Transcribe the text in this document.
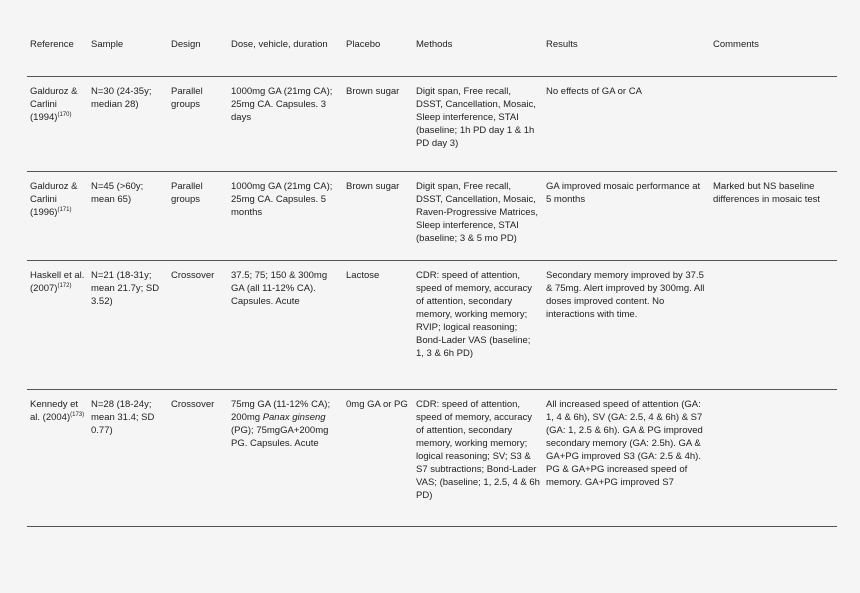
Reference	Sample	Design	Dose, vehicle, duration	Placebo	Methods	Results	Comments
Galduroz & Carlini $(1994)^{(170)}$	N=30 (24-35y; median 28)	Parallel groups	1000mg GA (21mg CA); 25mg CA. Capsules. 3 days	Brown sugar	Digit span, Free recall, DSST, Cancellation, Mosaic, Sleep interference, STAI (baseline; 1h PD day 1 & 1h PD day 3)	No effects of GA or CA	
Galduroz & Carlini $(1996)^{(171)}$	N=45 (>60y; mean 65)	Parallel groups	1000mg GA (21mg CA); 25mg CA. Capsules. 5 months	Brown sugar	Digit span, Free recall, DSST, Cancellation, Mosaic, Raven-Progressive Matrices, Sleep interference, STAI (baseline; 3 & 5 mo PD)	GA improved mosaic performance at 5 months	Marked but NS baseline differences in mosaic test
Haskell et al. $(2007)^{(172)}$	N=21 (18-31y; mean 21.7y; SD 3.52)	Crossover	37.5; 75; 150 & 300mg GA (all 11-12% CA). Capsules. Acute	Lactose	CDR: speed of attention, speed of memory, accuracy of attention, secondary memory, working memory; RVIP; logical reasoning; Bond-Lader VAS (baseline; 1, 3 & 6h PD)	Secondary memory improved by 37.5 & 75mg. Alert improved by 300mg. All doses improved content. No interactions with time.	
Kennedy et al. $(2004)^{(173)}$	N=28 (18-24y; mean 31.4; SD 0.77)	Crossover	75mg GA (11-12% CA); 200mg Panax ginseng (PG); 75mgGA+200mg PG. Capsules. Acute	0mg GA or PG	CDR: speed of attention, speed of memory, accuracy of attention, secondary memory, working memory; logical reasoning; SV; S3 & S7 subtractions; Bond-Lader VAS; (baseline; 1, 2.5, 4 & 6h PD)	All increased speed of attention (GA: 1, 4 & 6h), SV (GA: 2.5, 4 & 6h) & S7 (GA: 1, 2.5 & 6h). GA & PG improved secondary memory (GA: 2.5h). GA & GA+PG improved S3 (GA: 2.5 & 4h). PG & GA+PG increased speed of memory. GA+PG improved S7	
